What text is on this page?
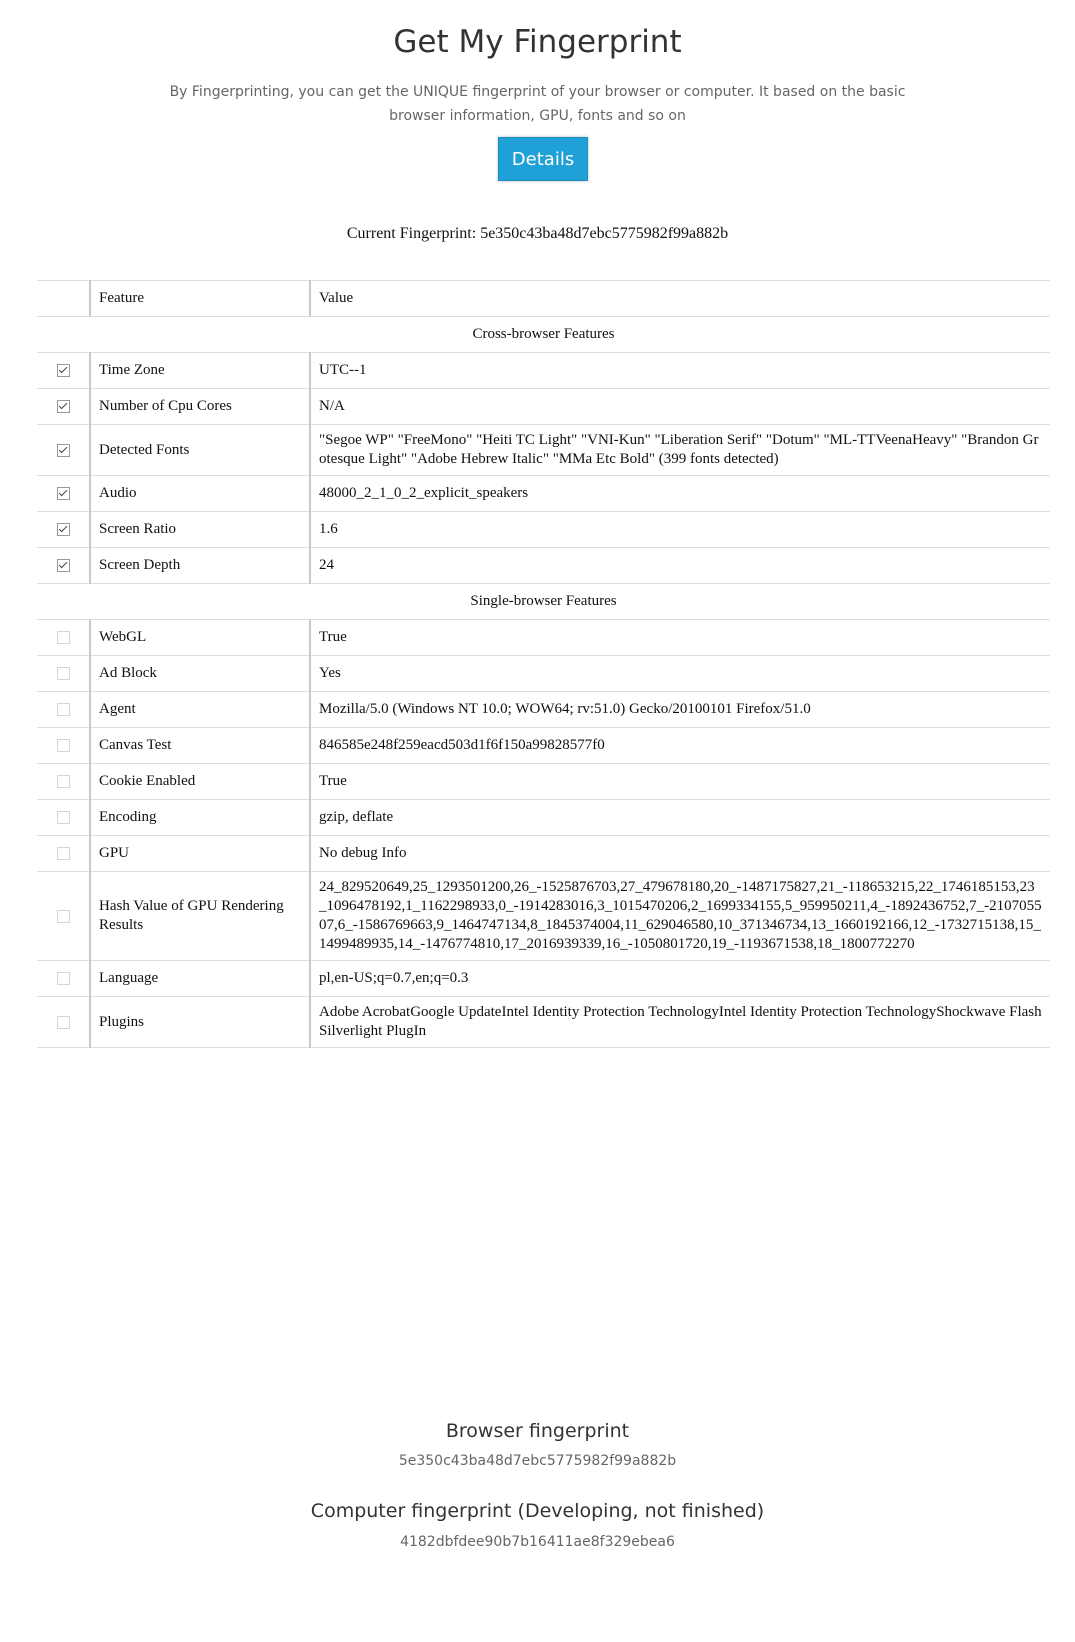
Get My Fingerprint
By Fingerprinting, you can get the UNIQUE fingerprint of your browser or computer. It based on the basic browser information, GPU, fonts and so on
Details
Current Fingerprint: 5e350c43ba48d7ebc5775982f99a882b
	Feature	Value
Cross-browser Features		
	Time Zone	UTC--1
	Number of Cpu Cores	N/A
	Detected Fonts	"Segoe WP" "FreeMono" "Heiti TC Light" "VNI-Kun" "Liberation Serif" "Dotum" "ML-TTVeenaHeavy" "Brandon Grotesque Light" "Adobe Hebrew Italic" "MMa Etc Bold" (399 fonts detected)
	Audio	48000_2_1_0_2_explicit_speakers
	Screen Ratio	1.6
	Screen Depth	24
Single-browser Features		
	WebGL	True
	Ad Block	Yes
	Agent	Mozilla/5.0 (Windows NT 10.0; WOW64; rv:51.0) Gecko/20100101 Firefox/51.0
	Canvas Test	846585e248f259eacd503d1f6f150a99828577f0
	Cookie Enabled	True
	Encoding	gzip, deflate
	GPU	No debug Info
	Hash Value of GPU Rendering Results	24_829520649,25_1293501200,26_-1525876703,27_479678180,20_-1487175827,21_-118653215,22_1746185153,23_1096478192,1_1162298933,0_-1914283016,3_1015470206,2_1699334155,5_959950211,4_-1892436752,7_-210705507,6_-1586769663,9_1464747134,8_1845374004,11_629046580,10_371346734,13_1660192166,12_-1732715138,15_1499489935,14_-1476774810,17_2016939339,16_-1050801720,19_-1193671538,18_1800772270
	Language	pl,en-US;q=0.7,en;q=0.3
	Plugins	Adobe AcrobatGoogle UpdateIntel Identity Protection TechnologyIntel Identity Protection TechnologyShockwave FlashSilverlight PlugIn
Browser fingerprint
5e350c43ba48d7ebc5775982f99a882b
Computer fingerprint (Developing, not finished)
4182dbfdee90b7b16411ae8f329ebea6
